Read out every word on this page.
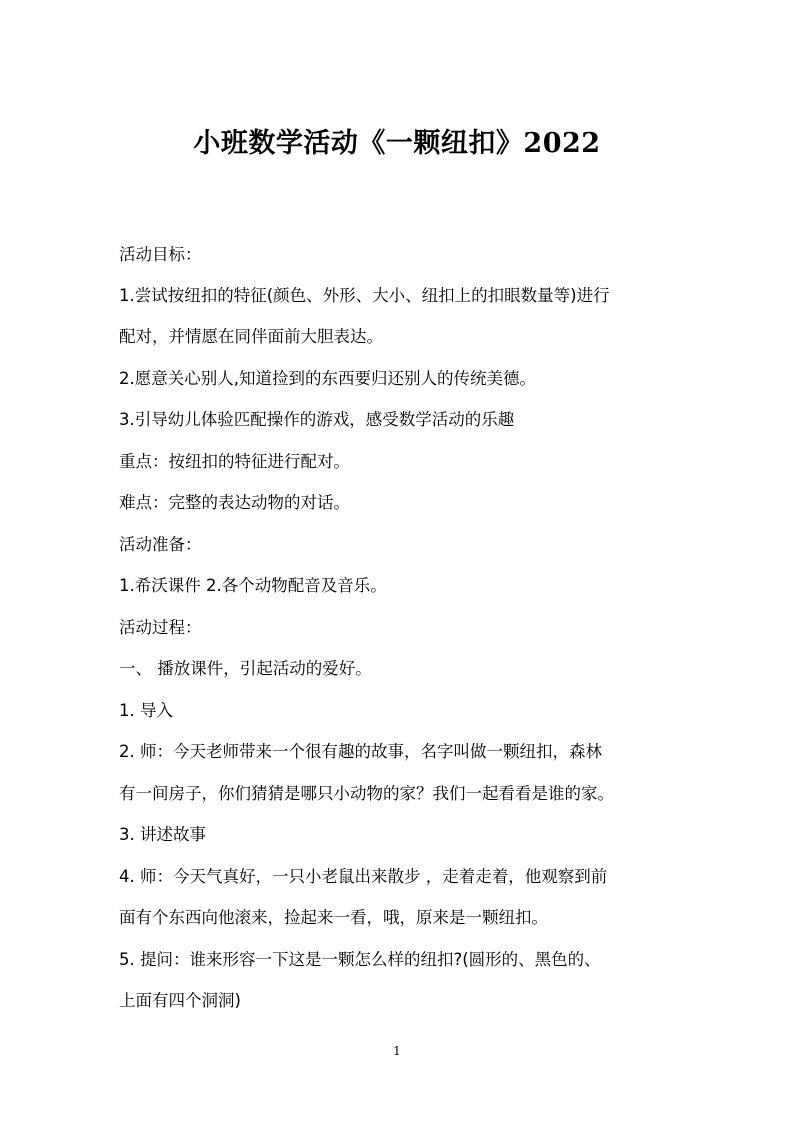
小班数学活动《一颗纽扣》2022
活动目标：
1.尝试按纽扣的特征(颜色、外形、大小、纽扣上的扣眼数量等)进行
配对，并情愿在同伴面前大胆表达。
2.愿意关心别人,知道捡到的东西要归还别人的传统美德。
3.引导幼儿体验匹配操作的游戏，感受数学活动的乐趣
重点：按纽扣的特征进行配对。
难点：完整的表达动物的对话。
活动准备：
1.希沃课件 2.各个动物配音及音乐。
活动过程：
一、 播放课件，引起活动的爱好。
1. 导入
2. 师：今天老师带来一个很有趣的故事，名字叫做一颗纽扣，森林
有一间房子，你们猜猜是哪只小动物的家？我们一起看看是谁的家。
3. 讲述故事
4. 师：今天气真好，一只小老鼠出来散步 ，走着走着，他观察到前
面有个东西向他滚来，捡起来一看，哦，原来是一颗纽扣。
5. 提问：谁来形容一下这是一颗怎么样的纽扣?(圆形的、黑色的、
上面有四个洞洞)
1
